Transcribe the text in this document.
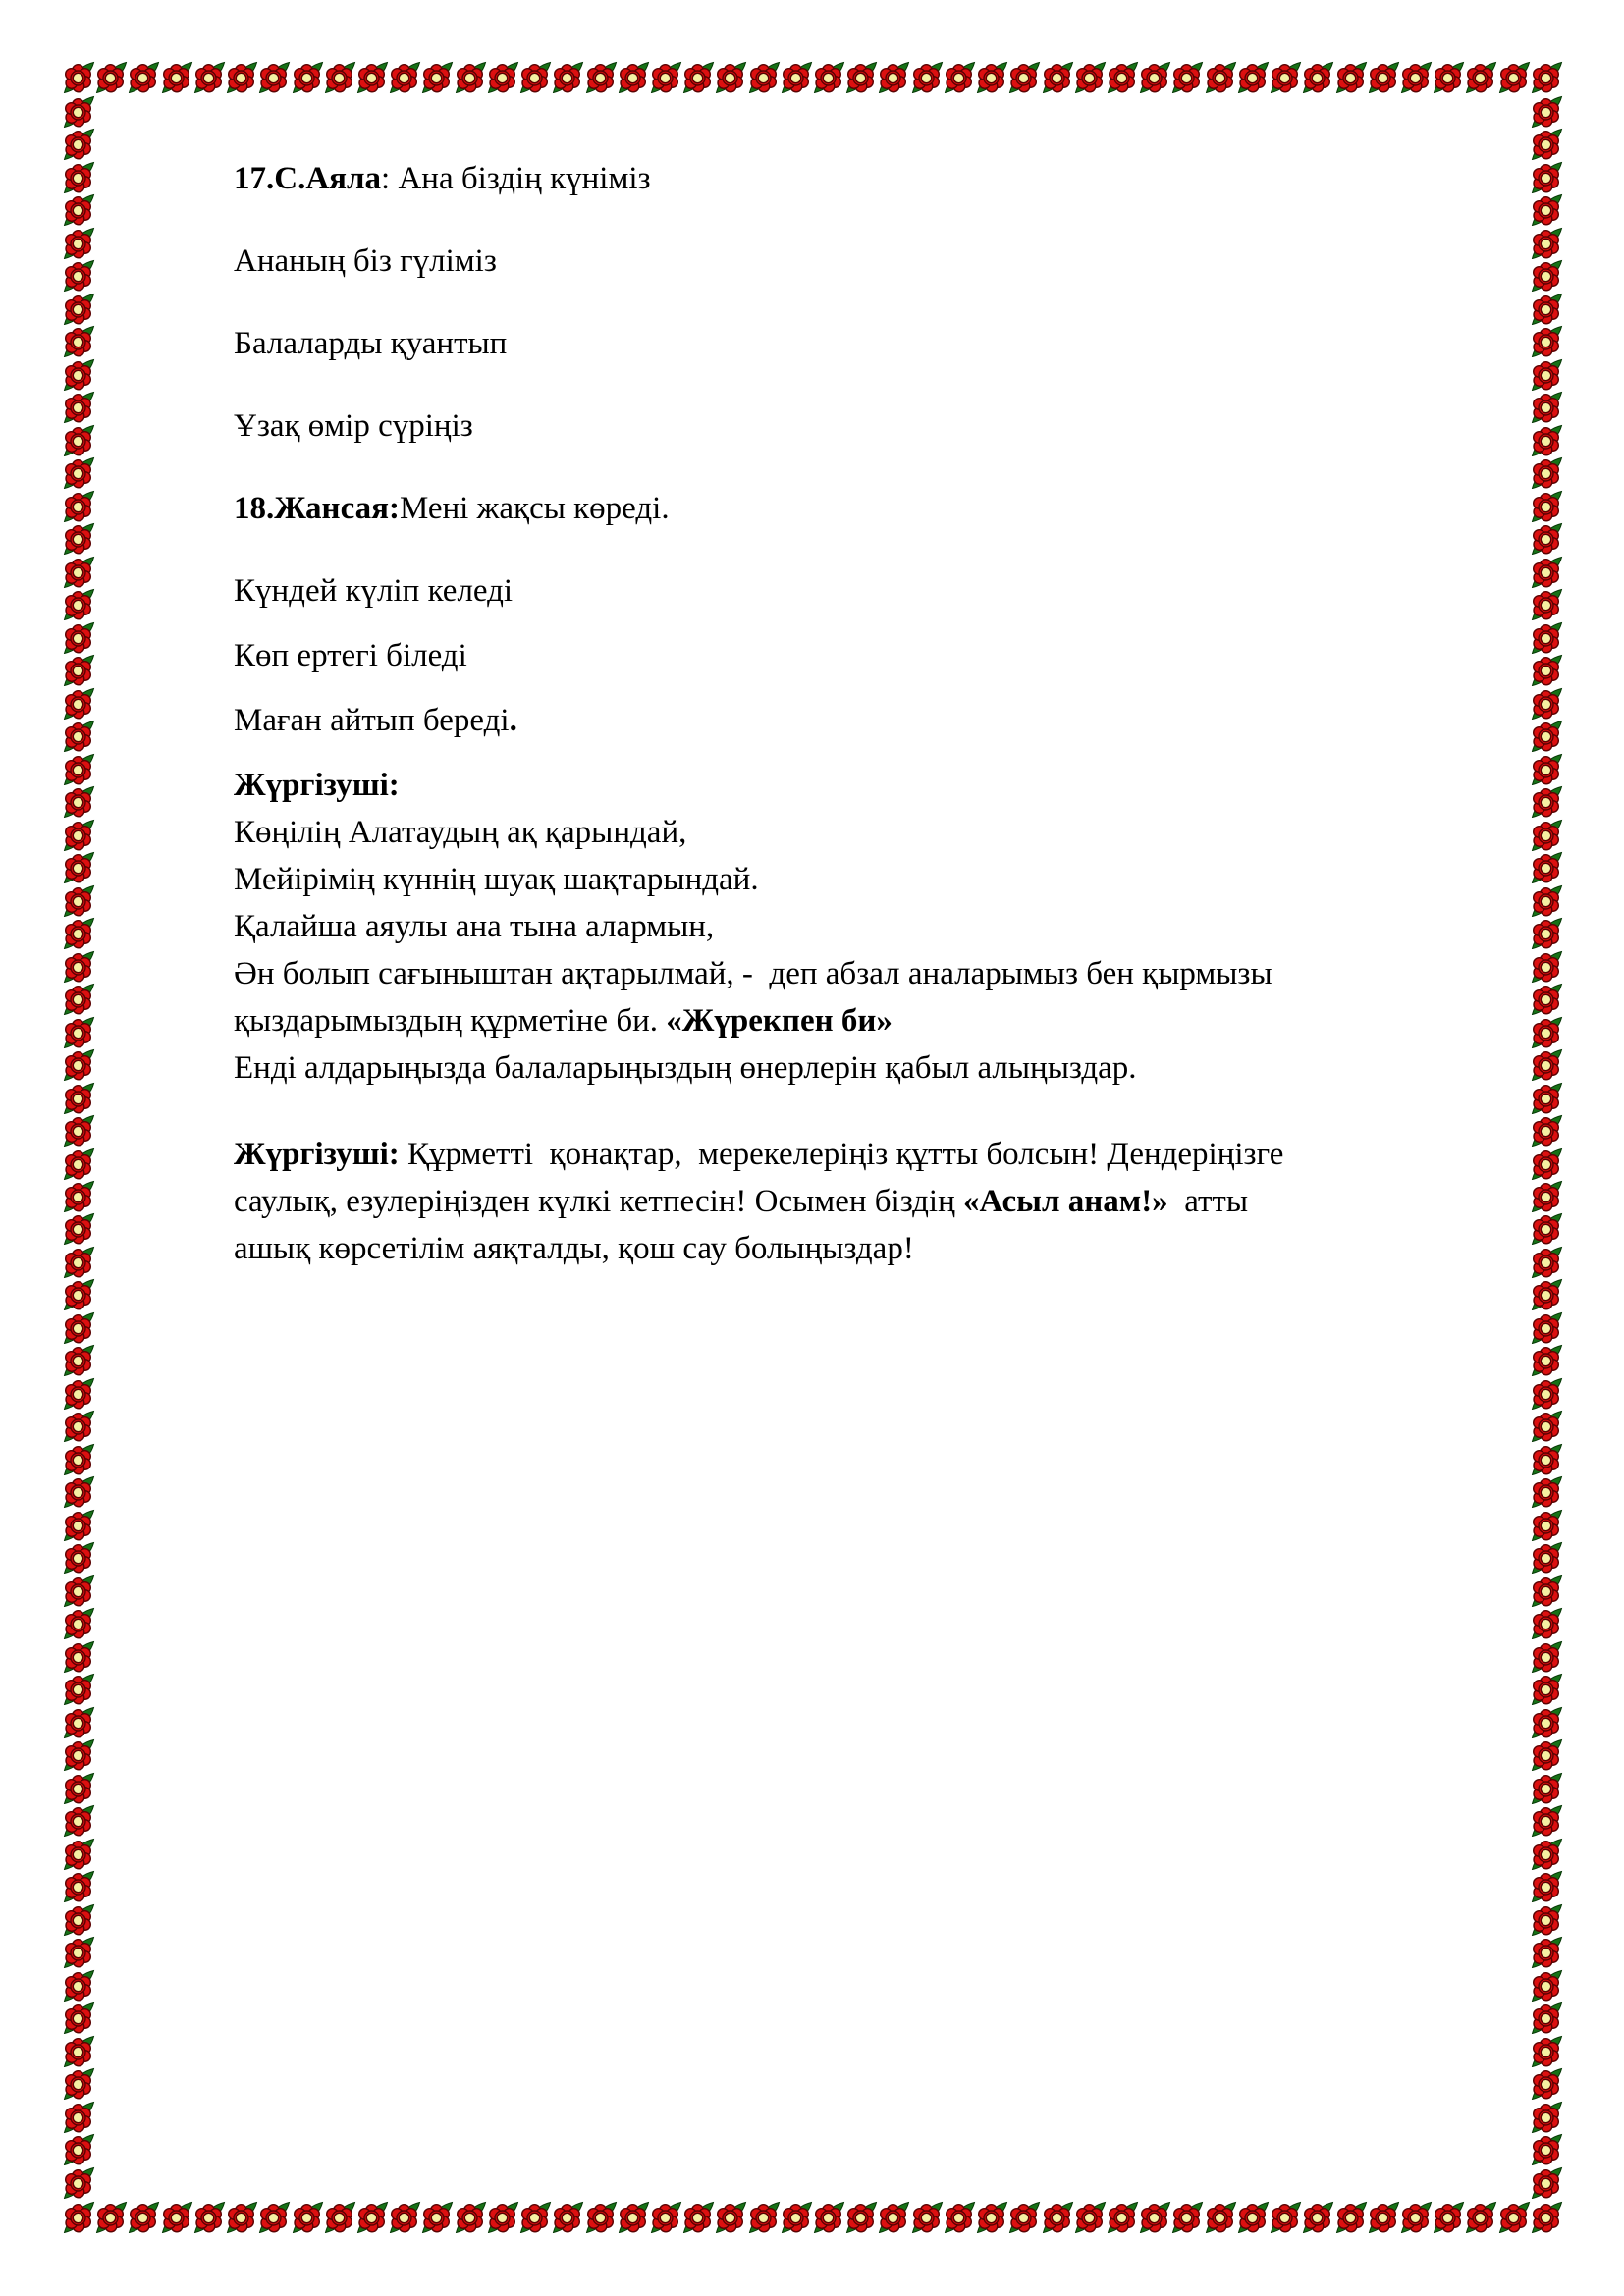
17.С.Аяла: Ана біздің күніміз
Ананың біз гүліміз
Балаларды қуантып
Ұзақ өмір сүріңіз
18.Жансая:Мені жақсы көреді.
Күндей күліп келеді
Көп ертегі біледі
Маған айтып береді.
Жүргізуші:
Көңілің Алатаудың ақ қарындай,
Мейірімің күннің шуақ шақтарындай.
Қалайша аяулы ана тына алармын,
Ән болып сағыныштан ақтарылмай, -  деп абзал аналарымыз бен қырмызы
қыздарымыздың құрметіне би. «Жүрекпен би»
Енді алдарыңызда балаларыңыздың өнерлерін қабыл алыңыздар.
Жүргізуші: Құрметті  қонақтар,  мерекелеріңіз құтты болсын! Дендеріңізге
саулық, езулеріңізден күлкі кетпесін! Осымен біздің «Асыл анам!»  атты
ашық көрсетілім аяқталды, қош сау болыңыздар!
